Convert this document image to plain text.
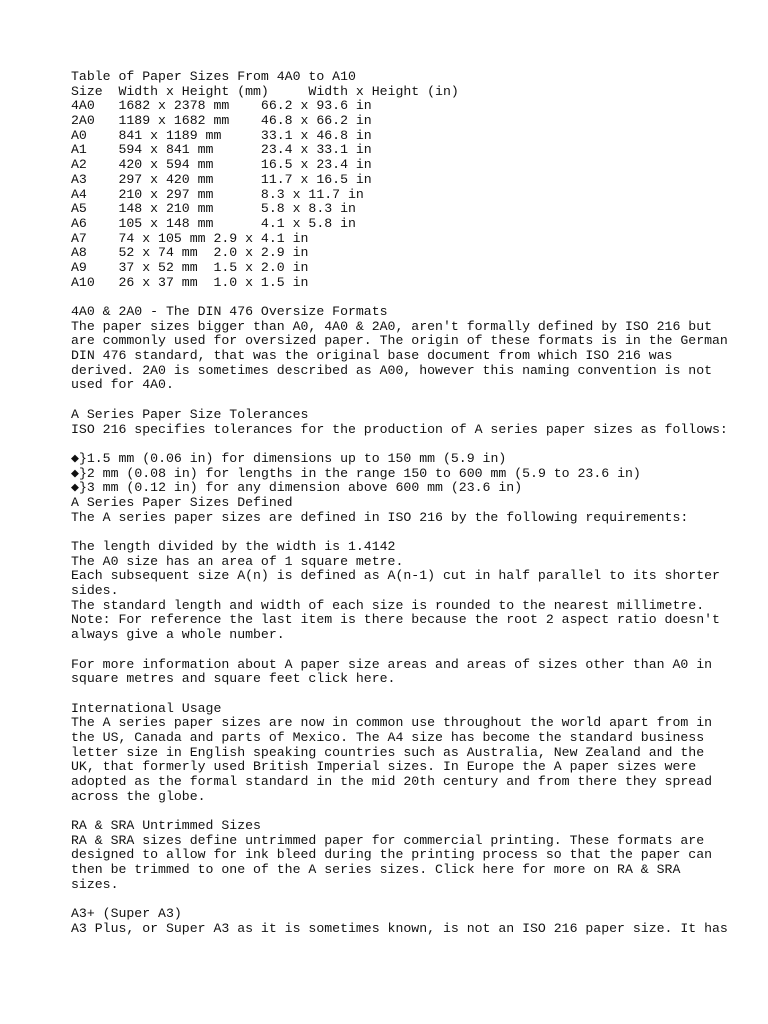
Table of Paper Sizes From 4A0 to A10
Size  Width x Height (mm)     Width x Height (in)
4A0   1682 x 2378 mm    66.2 x 93.6 in
2A0   1189 x 1682 mm    46.8 x 66.2 in
A0    841 x 1189 mm     33.1 x 46.8 in
A1    594 x 841 mm      23.4 x 33.1 in
A2    420 x 594 mm      16.5 x 23.4 in
A3    297 x 420 mm      11.7 x 16.5 in
A4    210 x 297 mm      8.3 x 11.7 in
A5    148 x 210 mm      5.8 x 8.3 in
A6    105 x 148 mm      4.1 x 5.8 in
A7    74 x 105 mm 2.9 x 4.1 in
A8    52 x 74 mm  2.0 x 2.9 in
A9    37 x 52 mm  1.5 x 2.0 in
A10   26 x 37 mm  1.0 x 1.5 in
4A0 & 2A0 - The DIN 476 Oversize Formats
The paper sizes bigger than A0, 4A0 & 2A0, aren't formally defined by ISO 216 but
are commonly used for oversized paper. The origin of these formats is in the German
DIN 476 standard, that was the original base document from which ISO 216 was
derived. 2A0 is sometimes described as A00, however this naming convention is not
used for 4A0.
A Series Paper Size Tolerances
ISO 216 specifies tolerances for the production of A series paper sizes as follows:
◆}1.5 mm (0.06 in) for dimensions up to 150 mm (5.9 in)
◆}2 mm (0.08 in) for lengths in the range 150 to 600 mm (5.9 to 23.6 in)
◆}3 mm (0.12 in) for any dimension above 600 mm (23.6 in)
A Series Paper Sizes Defined
The A series paper sizes are defined in ISO 216 by the following requirements:
The length divided by the width is 1.4142
The A0 size has an area of 1 square metre.
Each subsequent size A(n) is defined as A(n-1) cut in half parallel to its shorter
sides.
The standard length and width of each size is rounded to the nearest millimetre.
Note: For reference the last item is there because the root 2 aspect ratio doesn't
always give a whole number.
For more information about A paper size areas and areas of sizes other than A0 in
square metres and square feet click here.
International Usage
The A series paper sizes are now in common use throughout the world apart from in
the US, Canada and parts of Mexico. The A4 size has become the standard business
letter size in English speaking countries such as Australia, New Zealand and the
UK, that formerly used British Imperial sizes. In Europe the A paper sizes were
adopted as the formal standard in the mid 20th century and from there they spread
across the globe.
RA & SRA Untrimmed Sizes
RA & SRA sizes define untrimmed paper for commercial printing. These formats are
designed to allow for ink bleed during the printing process so that the paper can
then be trimmed to one of the A series sizes. Click here for more on RA & SRA
sizes.
A3+ (Super A3)
A3 Plus, or Super A3 as it is sometimes known, is not an ISO 216 paper size. It has
